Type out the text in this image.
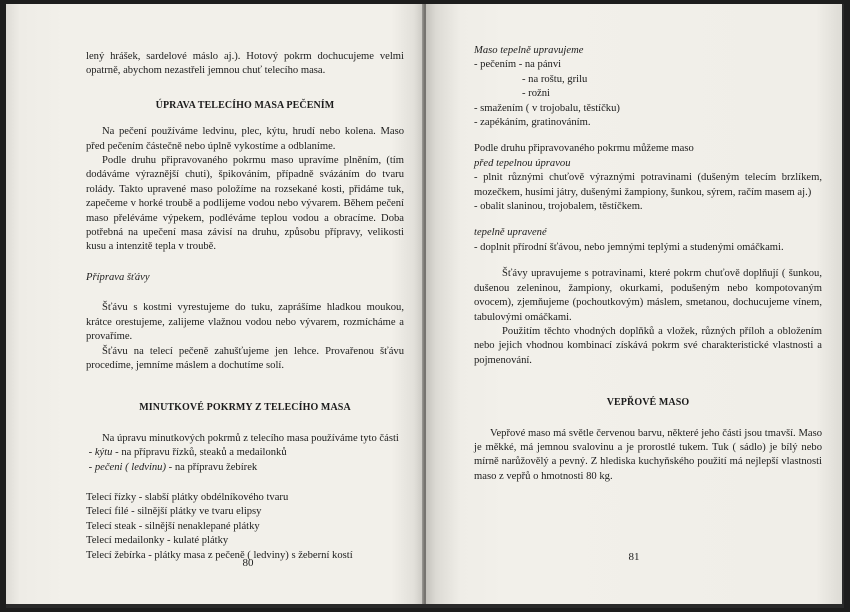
lený hrášek, sardelové máslo aj.). Hotový pokrm dochucujeme velmi opatrně, abychom nezastřeli jemnou chuť telecího masa.

ÚPRAVA TELECÍHO MASA PEČENÍM

Na pečení používáme ledvinu, plec, kýtu, hrudí nebo kolena. Maso před pečením částečně nebo úplně vykostíme a odblaníme.

Podle druhu připravovaného pokrmu maso upravíme plněním, (tím dodáváme výraznější chuti), špikováním, případně svázáním do tvaru rolády. Takto upravené maso položíme na rozsekané kosti, přidáme tuk, zapečeme v horké troubě a podlijeme vodou nebo vývarem. Během pečení maso přeléváme výpekem, podléváme teplou vodou a obracíme. Doba potřebná na upečení masa závisí na druhu, způsobu přípravy, velikosti kusu a intenzitě tepla v troubě.

Příprava šťávy

Šťávu s kostmi vyrestujeme do tuku, zaprášíme hladkou moukou, krátce orestujeme, zalijeme vlažnou vodou nebo vývarem, rozmícháme a provaříme.

Šťávu na telecí pečeně zahušťujeme jen lehce. Provařenou šťávu procedíme, jemníme máslem a dochutíme solí.

MINUTKOVÉ POKRMY Z TELECÍHO MASA

Na úpravu minutkových pokrmů z telecího masa používáme tyto části

- kýtu - na přípravu řízků, steaků a medailonků

- pečeni ( ledvinu) - na přípravu žebírek

Telecí řízky - slabší plátky obdélníkového tvaru

Telecí filé - silnější plátky ve tvaru elipsy

Telecí steak - silnější nenaklepané plátky

Telecí medailonky - kulaté plátky

Telecí žebírka - plátky masa z pečeně ( ledviny) s žeberní kostí

80

Maso tepelně upravujeme

- pečením - na pánvi

- na roštu, grilu

- rožni

- smažením ( v trojobalu, těstíčku)

- zapékáním, gratinováním.

Podle druhu připravovaného pokrmu můžeme maso

před tepelnou úpravou

- plnit různými chuťově výraznými potravinami (dušeným telecím brzlíkem, mozečkem, husími játry, dušenými žampiony, šunkou, sýrem, račím masem aj.)

- obalit slaninou, trojobalem, těstíčkem.

tepelně upravené

- doplnit přírodní šťávou, nebo jemnými teplými a studenými omáčkami.

Šťávy upravujeme s potravinami, které pokrm chuťově doplňují ( šunkou, dušenou zeleninou, žampiony, okurkami, podušeným nebo kompotovaným ovocem), zjemňujeme (pochoutkovým) máslem, smetanou, dochucujeme vínem, tabulovými omáčkami.

Použitím těchto vhodných doplňků a vložek, různých příloh a obložením nebo jejich vhodnou kombinací získává pokrm své charakteristické vlastnosti a pojmenování.

VEPŘOVÉ MASO

Vepřové maso má světle červenou barvu, některé jeho části jsou tmavší. Maso je měkké, má jemnou svalovinu a je prorostlé tukem. Tuk ( sádlo) je bílý nebo mírně narůžovělý a pevný. Z hlediska kuchyňského použití má nejlepší vlastnosti maso z vepřů o hmotnosti 80 kg.

81
